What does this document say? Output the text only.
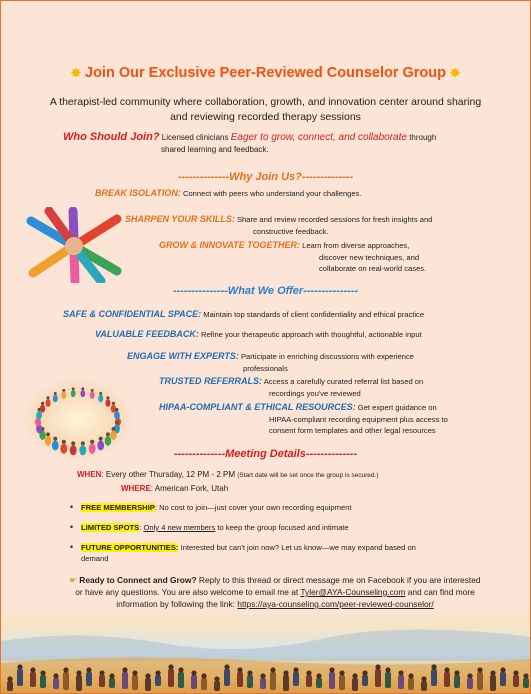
✸ Join Our Exclusive Peer-Reviewed Counselor Group ✸
A therapist-led community where collaboration, growth, and innovation center around sharing and reviewing recorded therapy sessions
Who Should Join? Licensed clinicians Eager to grow, connect, and collaborate through
shared learning and feedback.
--------------Why Join Us?--------------
BREAK ISOLATION: Connect with peers who understand your challenges.
SHARPEN YOUR SKILLS: Share and review recorded sessions for fresh insights and
constructive feedback.
GROW & INNOVATE TOGETHER: Learn from diverse approaches,
discover new techniques, and
collaborate on real-world cases.
---------------What We Offer---------------
SAFE & CONFIDENTIAL SPACE: Maintain top standards of client confidentiality and ethical practice
VALUABLE FEEDBACK: Refine your therapeutic approach with thoughtful, actionable input
ENGAGE WITH EXPERTS: Participate in enriching discussions with experience
professionals
TRUSTED REFERRALS: Access a carefully curated referral list based on
recordings you've reviewed
HIPAA-COMPLIANT & ETHICAL RESOURCES: Get expert guidance on
HIPAA-compliant recording equipment plus access to
consent form templates and other legal resources
--------------Meeting Details--------------
WHEN: Every other Thursday, 12 PM - 2 PM (Start date will be set once the group is secured.)
WHERE: American Fork, Utah
• FREE MEMBERSHIP: No cost to join—just cover your own recording equipment
• LIMITED SPOTS: Only 4 new members to keep the group focused and intimate
• FUTURE OPPORTUNITIES: Interested but can't join now? Let us know—we may expand based on
demand
☛ Ready to Connect and Grow? Reply to this thread or direct message me on Facebook if you are interested or have any questions. You are also welcome to email me at Tyler@AYA-Counseling.com and can find more information by following the link: https://aya-counseling.com/peer-reviewed-counselor/
